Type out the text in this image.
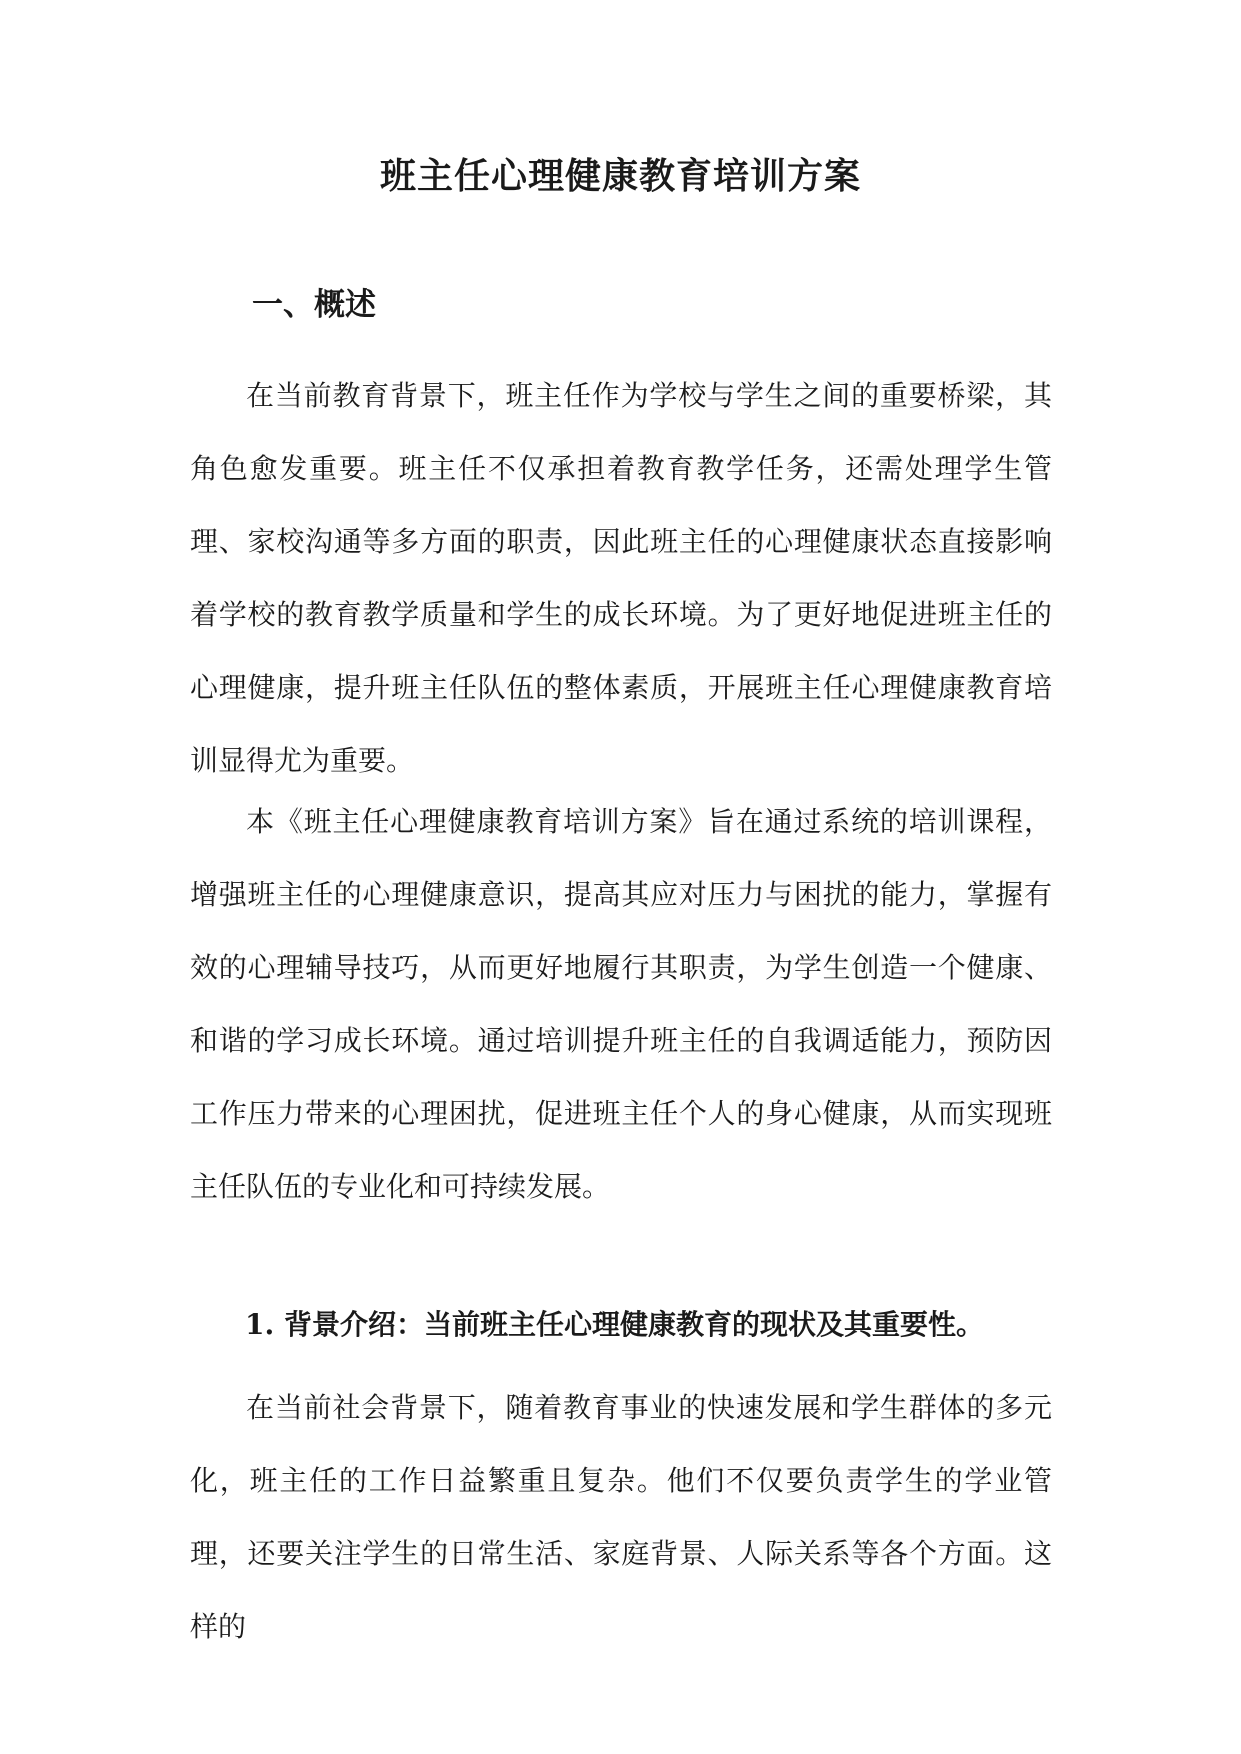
班主任心理健康教育培训方案
一、概述

在当前教育背景下，班主任作为学校与学生之间的重要桥梁，其角色愈发重要。班主任不仅承担着教育教学任务，还需处理学生管理、家校沟通等多方面的职责，因此班主任的心理健康状态直接影响着学校的教育教学质量和学生的成长环境。为了更好地促进班主任的心理健康，提升班主任队伍的整体素质，开展班主任心理健康教育培训显得尤为重要。

本《班主任心理健康教育培训方案》旨在通过系统的培训课程，增强班主任的心理健康意识，提高其应对压力与困扰的能力，掌握有效的心理辅导技巧，从而更好地履行其职责，为学生创造一个健康、和谐的学习成长环境。通过培训提升班主任的自我调适能力，预防因工作压力带来的心理困扰，促进班主任个人的身心健康，从而实现班主任队伍的专业化和可持续发展。

1. 背景介绍：当前班主任心理健康教育的现状及其重要性。

在当前社会背景下，随着教育事业的快速发展和学生群体的多元化，班主任的工作日益繁重且复杂。他们不仅要负责学生的学业管理，还要关注学生的日常生活、家庭背景、人际关系等各个方面。这样的
